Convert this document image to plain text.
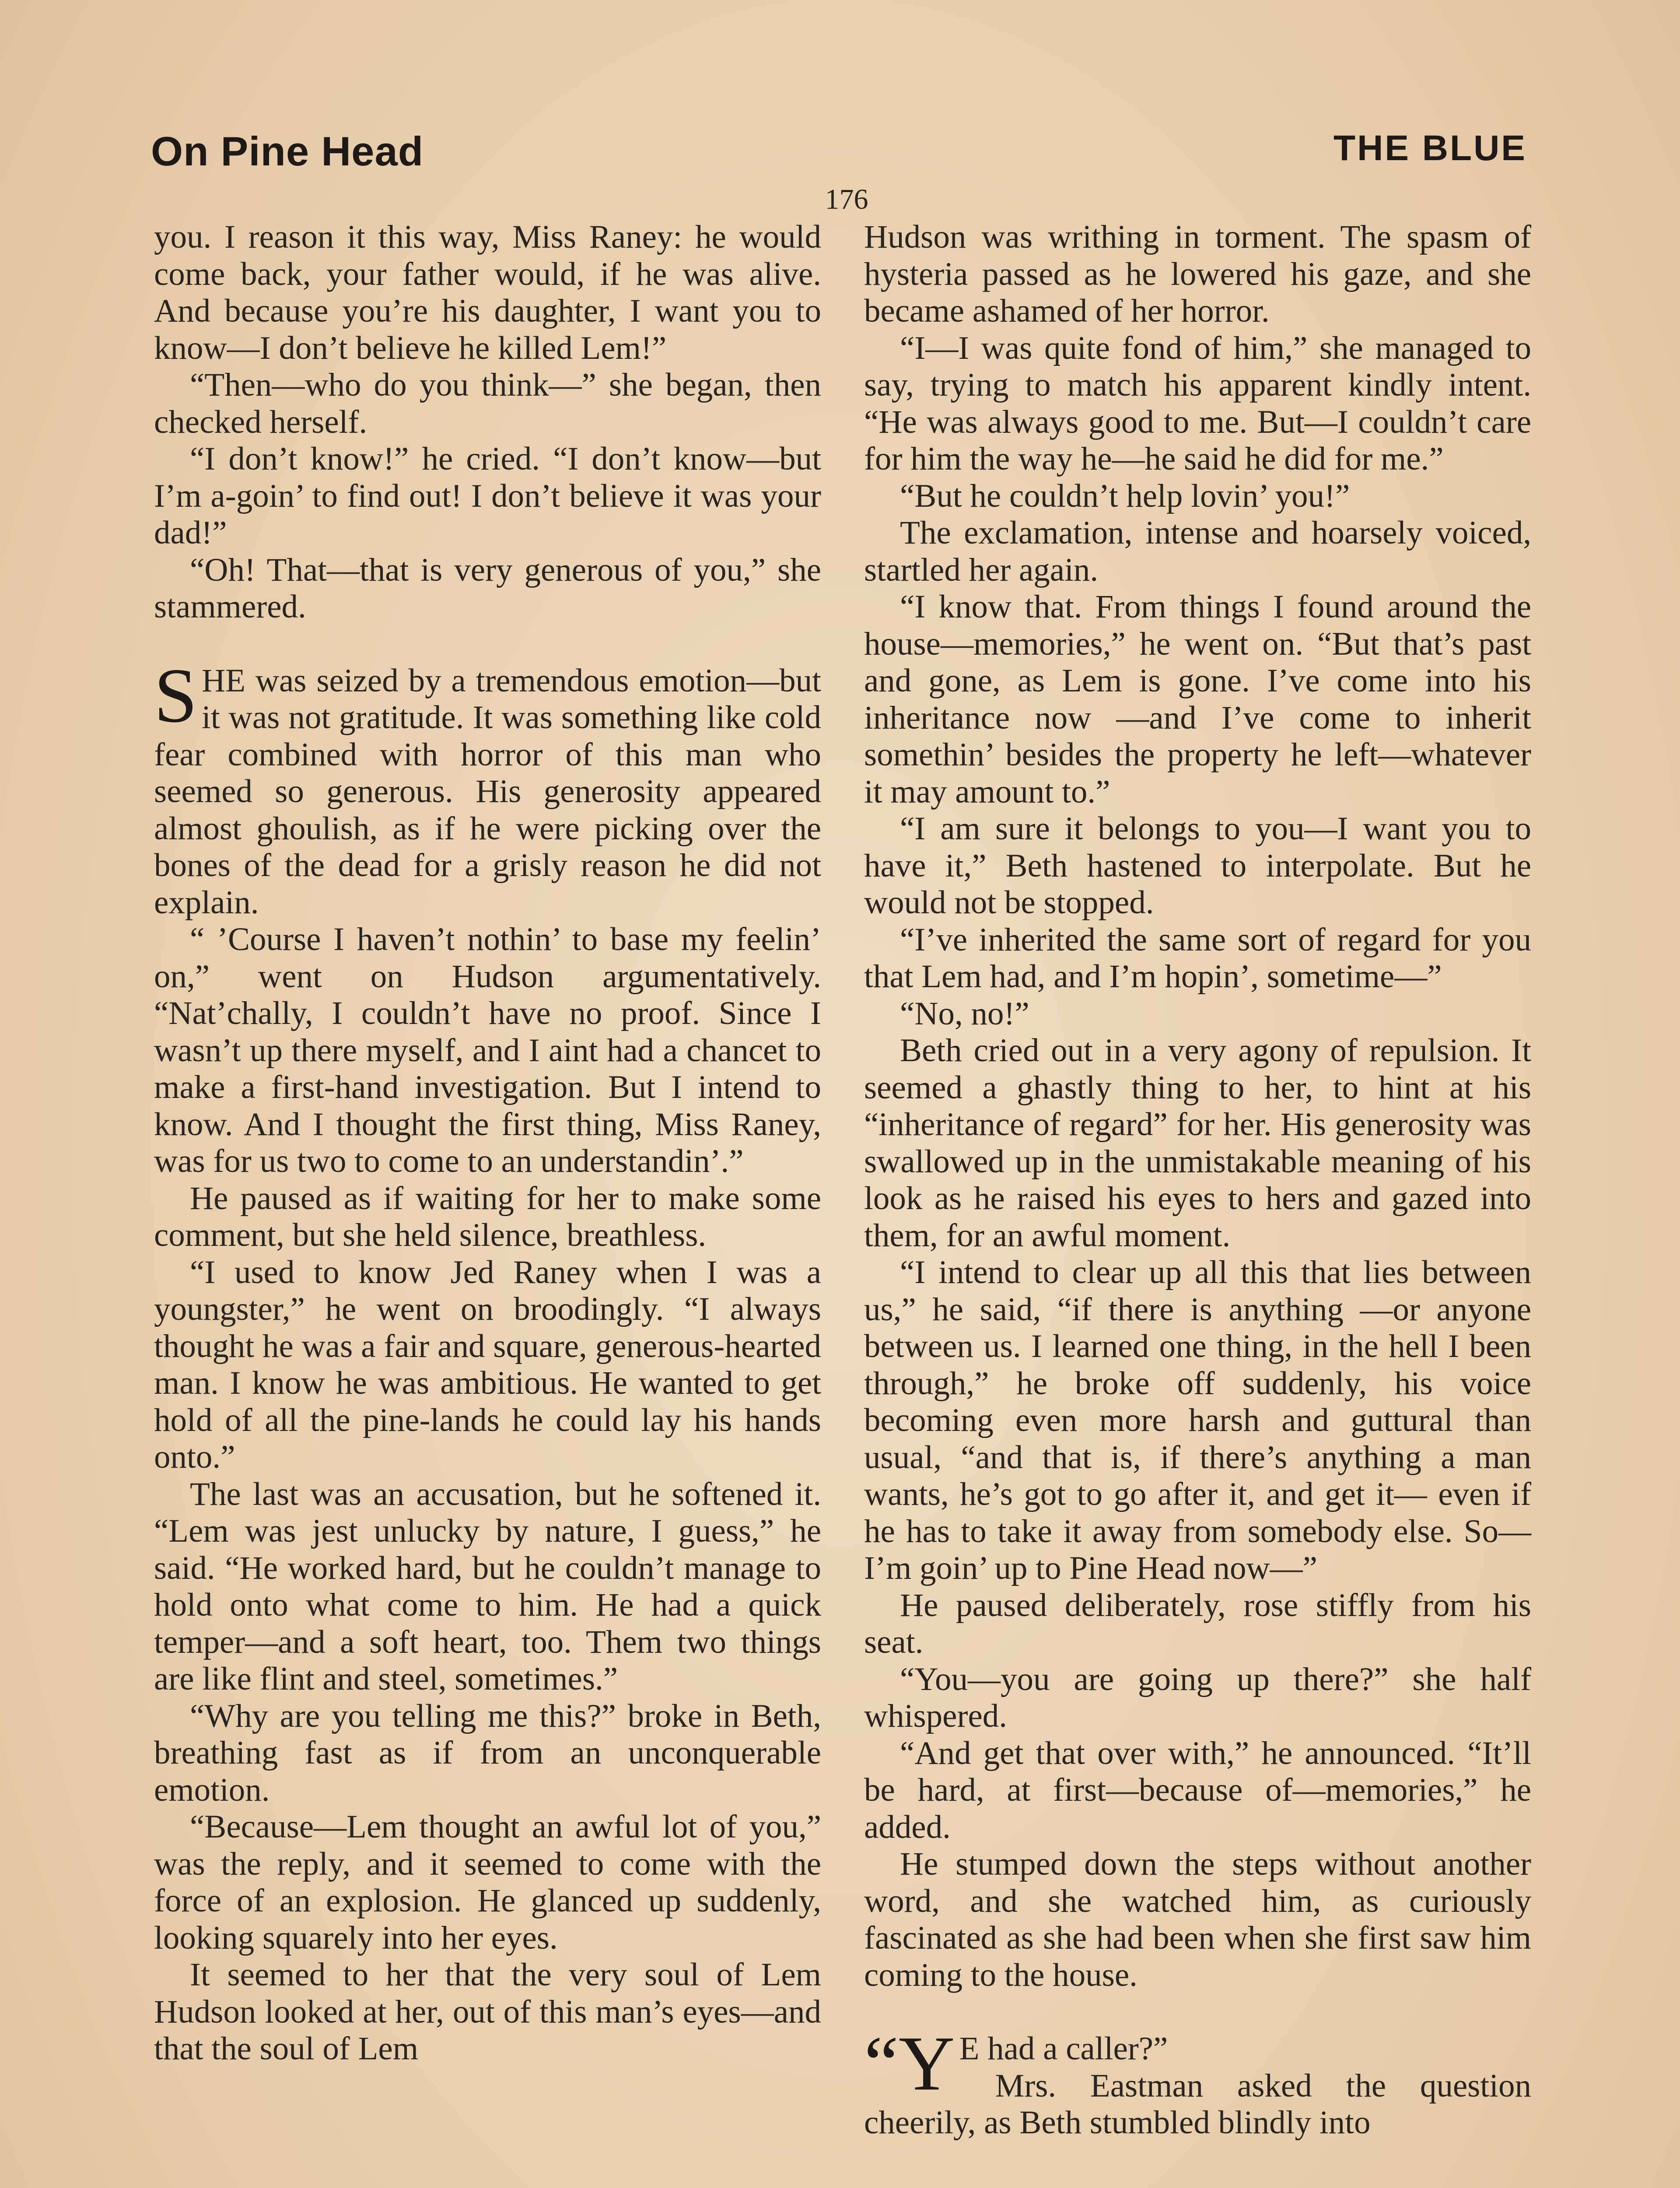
On Pine Head	THE BLUE
176

you. I reason it this way, Miss Raney: he would come back, your father would, if he was alive. And because you’re his daughter, I want you to know—I don’t believe he killed Lem!”

“Then—who do you think—” she began, then checked herself.

“I don’t know!” he cried. “I don’t know—but I’m a-goin’ to find out! I don’t believe it was your dad!”

“Oh! That—that is very generous of you,” she stammered.

SHE was seized by a tremendous emotion—but it was not gratitude. It was something like cold fear combined with horror of this man who seemed so generous. His generosity appeared almost ghoulish, as if he were picking over the bones of the dead for a grisly reason he did not explain.

“ ’Course I haven’t nothin’ to base my feelin’ on,” went on Hudson argumentatively. “Nat’chally, I couldn’t have no proof. Since I wasn’t up there myself, and I aint had a chancet to make a first-hand investigation. But I intend to know. And I thought the first thing, Miss Raney, was for us two to come to an understandin’.”

He paused as if waiting for her to make some comment, but she held silence, breathless.

“I used to know Jed Raney when I was a youngster,” he went on broodingly. “I always thought he was a fair and square, generous-hearted man. I know he was ambitious. He wanted to get hold of all the pine-lands he could lay his hands onto.”

The last was an accusation, but he softened it. “Lem was jest unlucky by nature, I guess,” he said. “He worked hard, but he couldn’t manage to hold onto what come to him. He had a quick temper—and a soft heart, too. Them two things are like flint and steel, sometimes.”

“Why are you telling me this?” broke in Beth, breathing fast as if from an unconquerable emotion.

“Because—Lem thought an awful lot of you,” was the reply, and it seemed to come with the force of an explosion. He glanced up suddenly, looking squarely into her eyes.

It seemed to her that the very soul of Lem Hudson looked at her, out of this man’s eyes—and that the soul of Lem

Hudson was writhing in torment. The spasm of hysteria passed as he lowered his gaze, and she became ashamed of her horror.

“I—I was quite fond of him,” she managed to say, trying to match his apparent kindly intent. “He was always good to me. But—I couldn’t care for him the way he—he said he did for me.”

“But he couldn’t help lovin’ you!”

The exclamation, intense and hoarsely voiced, startled her again.

“I know that. From things I found around the house—memories,” he went on. “But that’s past and gone, as Lem is gone. I’ve come into his inheritance now —and I’ve come to inherit somethin’ besides the property he left—whatever it may amount to.”

“I am sure it belongs to you—I want you to have it,” Beth hastened to interpolate. But he would not be stopped.

“I’ve inherited the same sort of regard for you that Lem had, and I’m hopin’, sometime—”

“No, no!”

Beth cried out in a very agony of repulsion. It seemed a ghastly thing to her, to hint at his “inheritance of regard” for her. His generosity was swallowed up in the unmistakable meaning of his look as he raised his eyes to hers and gazed into them, for an awful moment.

“I intend to clear up all this that lies between us,” he said, “if there is anything —or anyone between us. I learned one thing, in the hell I been through,” he broke off suddenly, his voice becoming even more harsh and guttural than usual, “and that is, if there’s anything a man wants, he’s got to go after it, and get it— even if he has to take it away from somebody else. So—I’m goin’ up to Pine Head now—”

He paused deliberately, rose stiffly from his seat.

“You—you are going up there?” she half whispered.

“And get that over with,” he announced. “It’ll be hard, at first—because of—memories,” he added.

He stumped down the steps without another word, and she watched him, as curiously fascinated as she had been when she first saw him coming to the house.

“Y E had a caller?”

Mrs. Eastman asked the question cheerily, as Beth stumbled blindly into
